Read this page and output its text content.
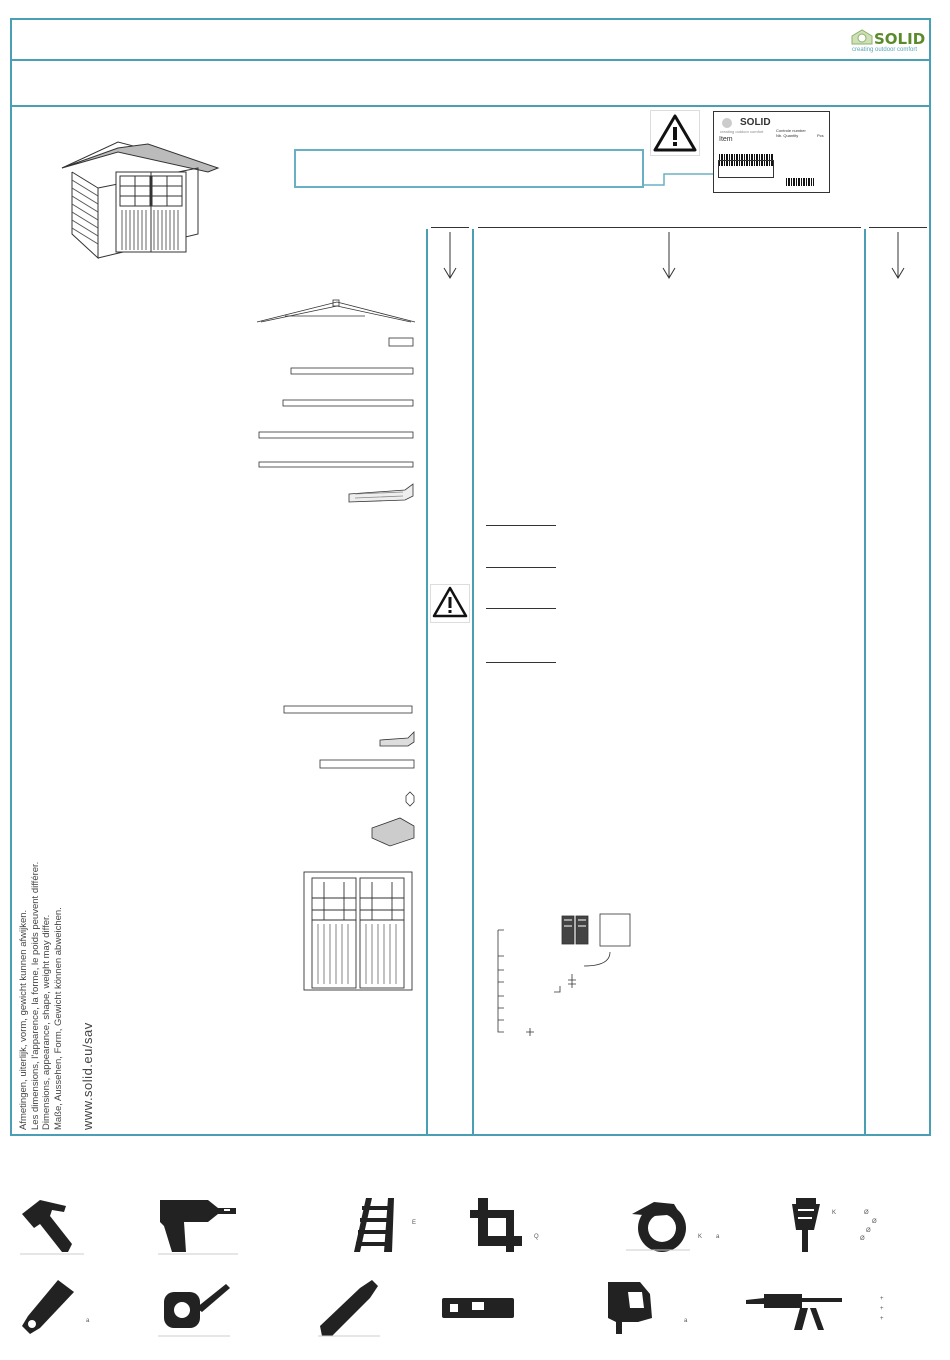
SOLID
creating outdoor comfort
SOLID
creating outdoor comfort
Item
Controle number
Nb. Quantity	Pcs
Afmetingen, uiterlijk, vorm, gewicht kunnen afwijken. Les dimensions, l'apparence, la forme, le poids peuvent différer. Dimensions, appearance, shape, weight may differ. Maße, Aussehen, Form, Gewicht können abweichen. www.solid.eu/sav
E
Q	K a
K	Ø
Ø
Ø
Ø
a	a
+
+
+
